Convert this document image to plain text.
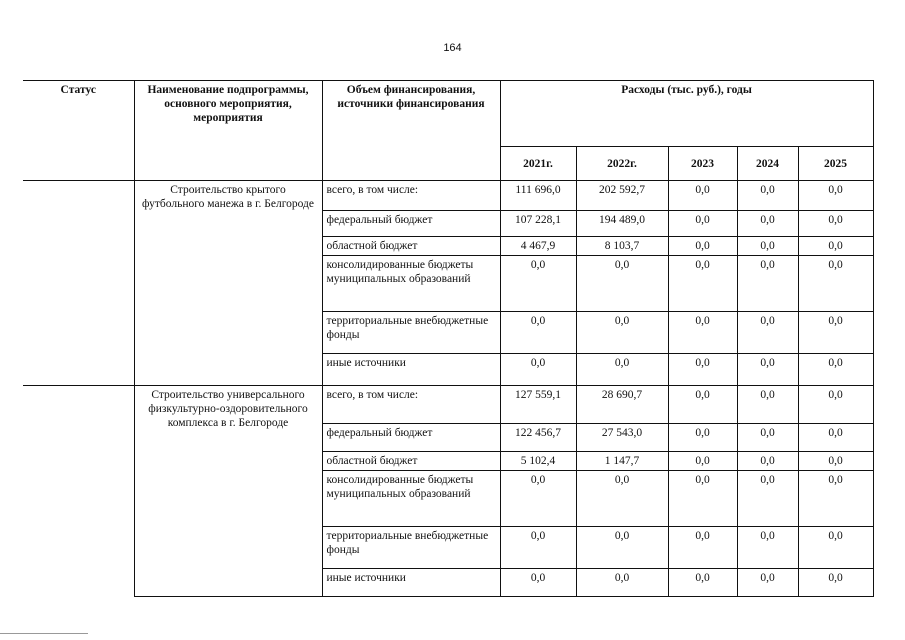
164
Статус	Наименование подпрограммы, основного мероприятия, мероприятия	Объем финансирования, источники финансирования	Расходы (тыс. руб.), годы				
			2021г.	2022г.	2023	2024	2025
	Строительство крытого футбольного манежа в г. Белгороде	всего, в том числе:	111 696,0	202 592,7	0,0	0,0	0,0
		федеральный бюджет	107 228,1	194 489,0	0,0	0,0	0,0
		областной бюджет	4 467,9	8 103,7	0,0	0,0	0,0
		консолидированные бюджеты муниципальных образований	0,0	0,0	0,0	0,0	0,0
		территориальные внебюджетные фонды	0,0	0,0	0,0	0,0	0,0
		иные источники	0,0	0,0	0,0	0,0	0,0
	Строительство универсального физкультурно-оздоровительного комплекса в г. Белгороде	всего, в том числе:	127 559,1	28 690,7	0,0	0,0	0,0
		федеральный бюджет	122 456,7	27 543,0	0,0	0,0	0,0
		областной бюджет	5 102,4	1 147,7	0,0	0,0	0,0
		консолидированные бюджеты муниципальных образований	0,0	0,0	0,0	0,0	0,0
		территориальные внебюджетные фонды	0,0	0,0	0,0	0,0	0,0
		иные источники	0,0	0,0	0,0	0,0	0,0
